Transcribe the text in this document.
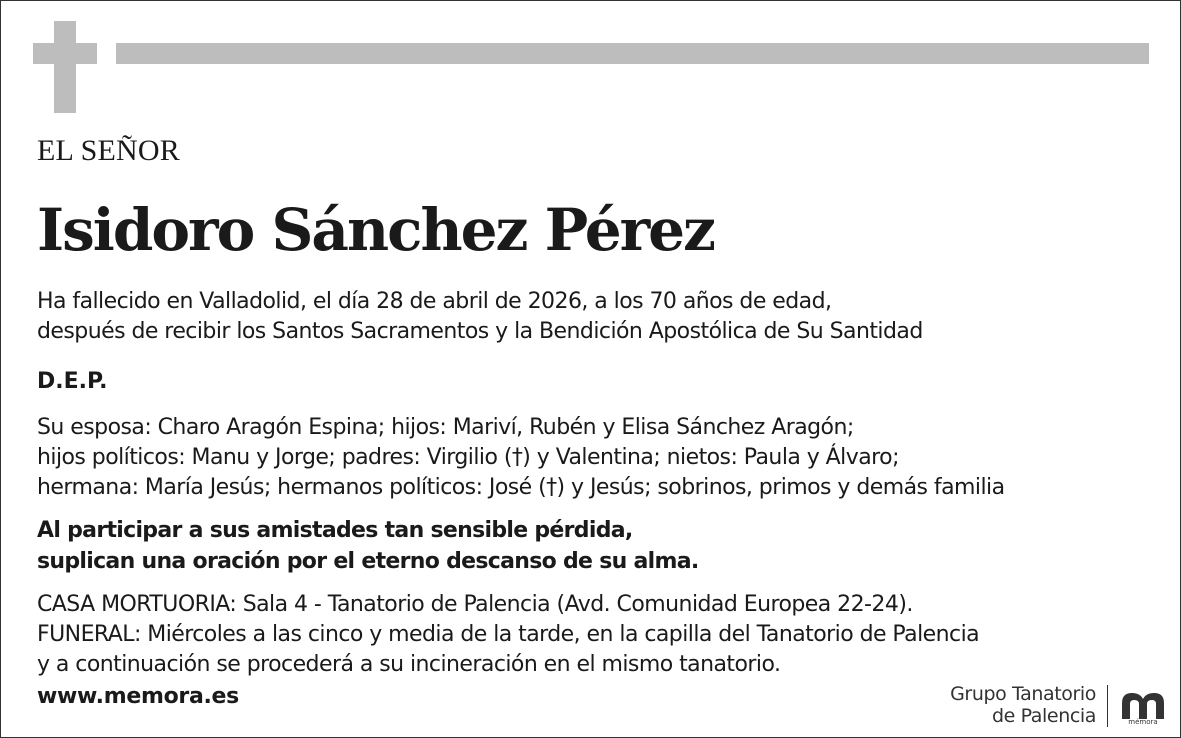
EL SEÑOR
Isidoro Sánchez Pérez
Ha fallecido en Valladolid, el día 28 de abril de 2026, a los 70 años de edad,
después de recibir los Santos Sacramentos y la Bendición Apostólica de Su Santidad
D.E.P.
Su esposa: Charo Aragón Espina; hijos: Mariví, Rubén y Elisa Sánchez Aragón;
hijos políticos: Manu y Jorge; padres: Virgilio (†) y Valentina; nietos: Paula y Álvaro;
hermana: María Jesús; hermanos políticos: José (†) y Jesús; sobrinos, primos y demás familia
Al participar a sus amistades tan sensible pérdida,
suplican una oración por el eterno descanso de su alma.
CASA MORTUORIA: Sala 4 - Tanatorio de Palencia (Avd. Comunidad Europea 22-24).
FUNERAL: Miércoles a las cinco y media de la tarde, en la capilla del Tanatorio de Palencia
y a continuación se procederá a su incineración en el mismo tanatorio.
www.memora.es	Grupo Tanatorio
de Palencia	mémora
